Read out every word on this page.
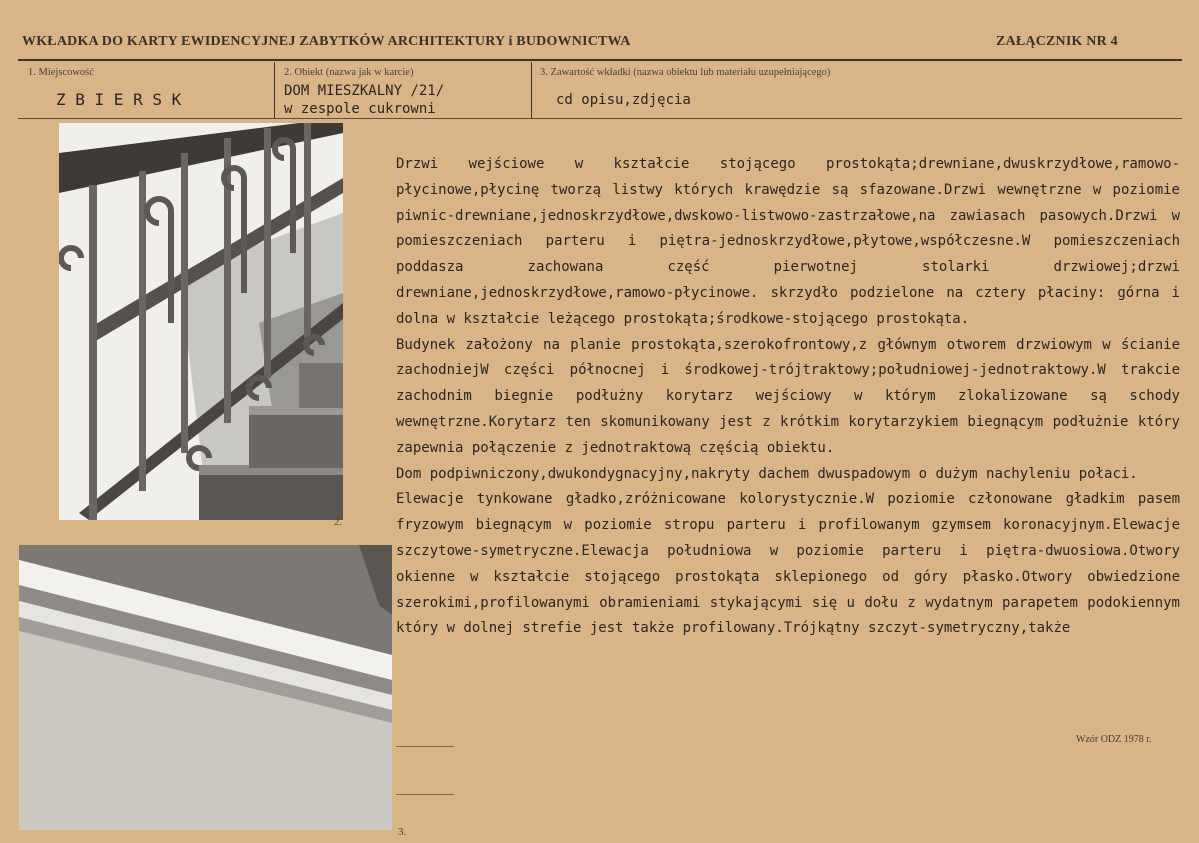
WKŁADKA DO KARTY EWIDENCYJNEJ ZABYTKÓW ARCHITEKTURY i BUDOWNICTWA	ZAŁĄCZNIK NR 4
1. Miejscowość
Z B I E R S K
2. Obiekt (nazwa jak w karcie)
DOM MIESZKALNY /21/
w zespole cukrowni
3. Zawartość wkładki (nazwa obiektu lub materiału uzupełniającego)
cd opisu,zdjęcia
2.
3.

Drzwi wejściowe w kształcie stojącego prostokąta;drewniane,dwuskrzydłowe,ramowo-płycinowe,płycinę tworzą listwy których krawędzie są sfazowane.Drzwi wewnętrzne w poziomie piwnic-drewniane,jednoskrzydłowe,dwskowo-listwowo-zastrzałowe,na zawiasach pasowych.Drzwi w pomieszczeniach parteru i piętra-jednoskrzydłowe,płytowe,współczesne.W pomieszczeniach poddasza zachowana część pierwotnej stolarki drzwiowej;drzwi drewniane,jednoskrzydłowe,ramowo-płycinowe. skrzydło podzielone na cztery płaciny: górna i dolna w kształcie leżącego prostokąta;środkowe-stojącego prostokąta.

Budynek założony na planie prostokąta,szerokofrontowy,z głównym otworem drzwiowym w ścianie zachodniejW części północnej i środkowej-trójtraktowy;południowej-jednotraktowy.W trakcie zachodnim biegnie podłużny korytarz wejściowy w którym zlokalizowane są schody wewnętrzne.Korytarz ten skomunikowany jest z krótkim korytarzykiem biegnącym podłużnie który zapewnia połączenie z jednotraktową częścią obiektu.

Dom podpiwniczony,dwukondygnacyjny,nakryty dachem dwuspadowym o dużym nachyleniu połaci.

Elewacje tynkowane gładko,zróżnicowane kolorystycznie.W poziomie członowane gładkim pasem fryzowym biegnącym w poziomie stropu parteru i profilowanym gzymsem koronacyjnym.Elewacje szczytowe-symetryczne.Elewacja południowa w poziomie parteru i piętra-dwuosiowa.Otwory okienne w kształcie stojącego prostokąta sklepionego od góry płasko.Otwory obwiedzione szerokimi,profilowanymi obramieniami stykającymi się u dołu z wydatnym parapetem podokiennym który w dolnej strefie jest także profilowany.Trójkątny szczyt-symetryczny,także

Wzór ODZ 1978 r.
